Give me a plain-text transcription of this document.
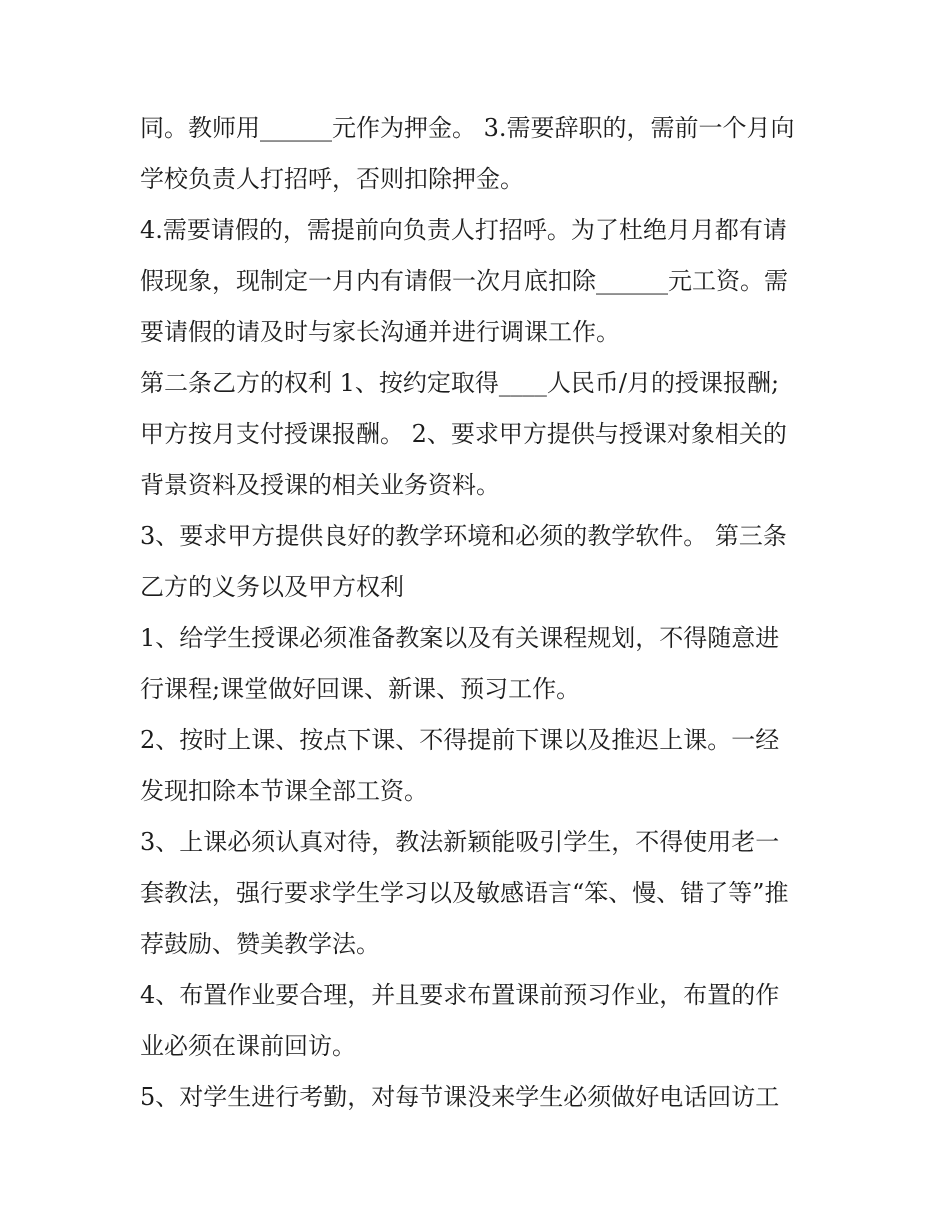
同。教师用______元作为押金。 3.需要辞职的，需前一个月向
学校负责人打招呼，否则扣除押金。
4.需要请假的，需提前向负责人打招呼。为了杜绝月月都有请
假现象，现制定一月内有请假一次月底扣除______元工资。需
要请假的请及时与家长沟通并进行调课工作。
第二条乙方的权利 1、按约定取得____人民币/月的授课报酬;
甲方按月支付授课报酬。 2、要求甲方提供与授课对象相关的
背景资料及授课的相关业务资料。
3、要求甲方提供良好的教学环境和必须的教学软件。 第三条
乙方的义务以及甲方权利
1、给学生授课必须准备教案以及有关课程规划，不得随意进
行课程;课堂做好回课、新课、预习工作。
2、按时上课、按点下课、不得提前下课以及推迟上课。一经
发现扣除本节课全部工资。
3、上课必须认真对待，教法新颖能吸引学生，不得使用老一
套教法，强行要求学生学习以及敏感语言“笨、慢、错了等”推
荐鼓励、赞美教学法。
4、布置作业要合理，并且要求布置课前预习作业，布置的作
业必须在课前回访。
5、对学生进行考勤，对每节课没来学生必须做好电话回访工
